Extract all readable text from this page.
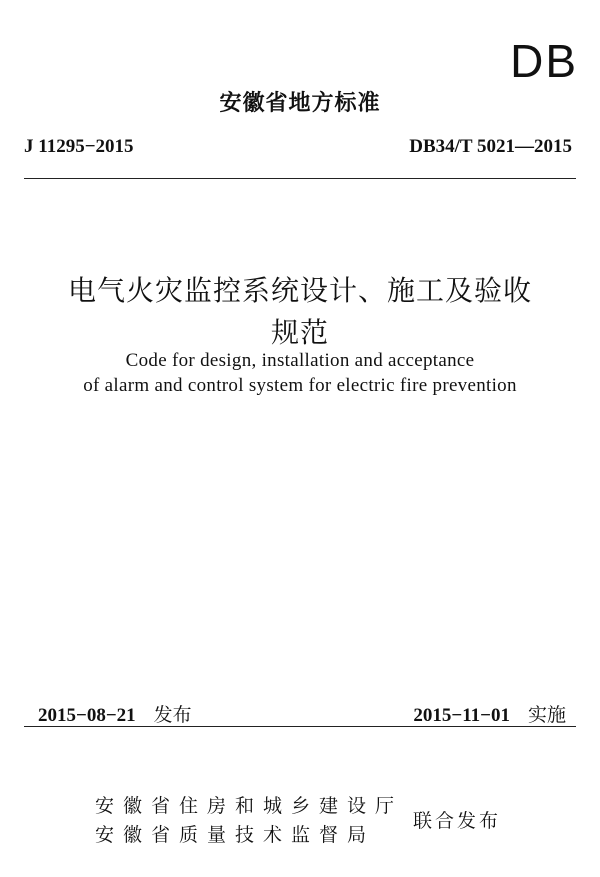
DB
安徽省地方标准
J 11295−2015	DB34/T 5021—2015
电气火灾监控系统设计、施工及验收
规范
Code for design, installation and acceptance
of alarm and control system for electric fire prevention
2015−08−21 发布	2015−11−01 实施
安徽省住房和城乡建设厅
安徽省质量技术监督局
联合发布
